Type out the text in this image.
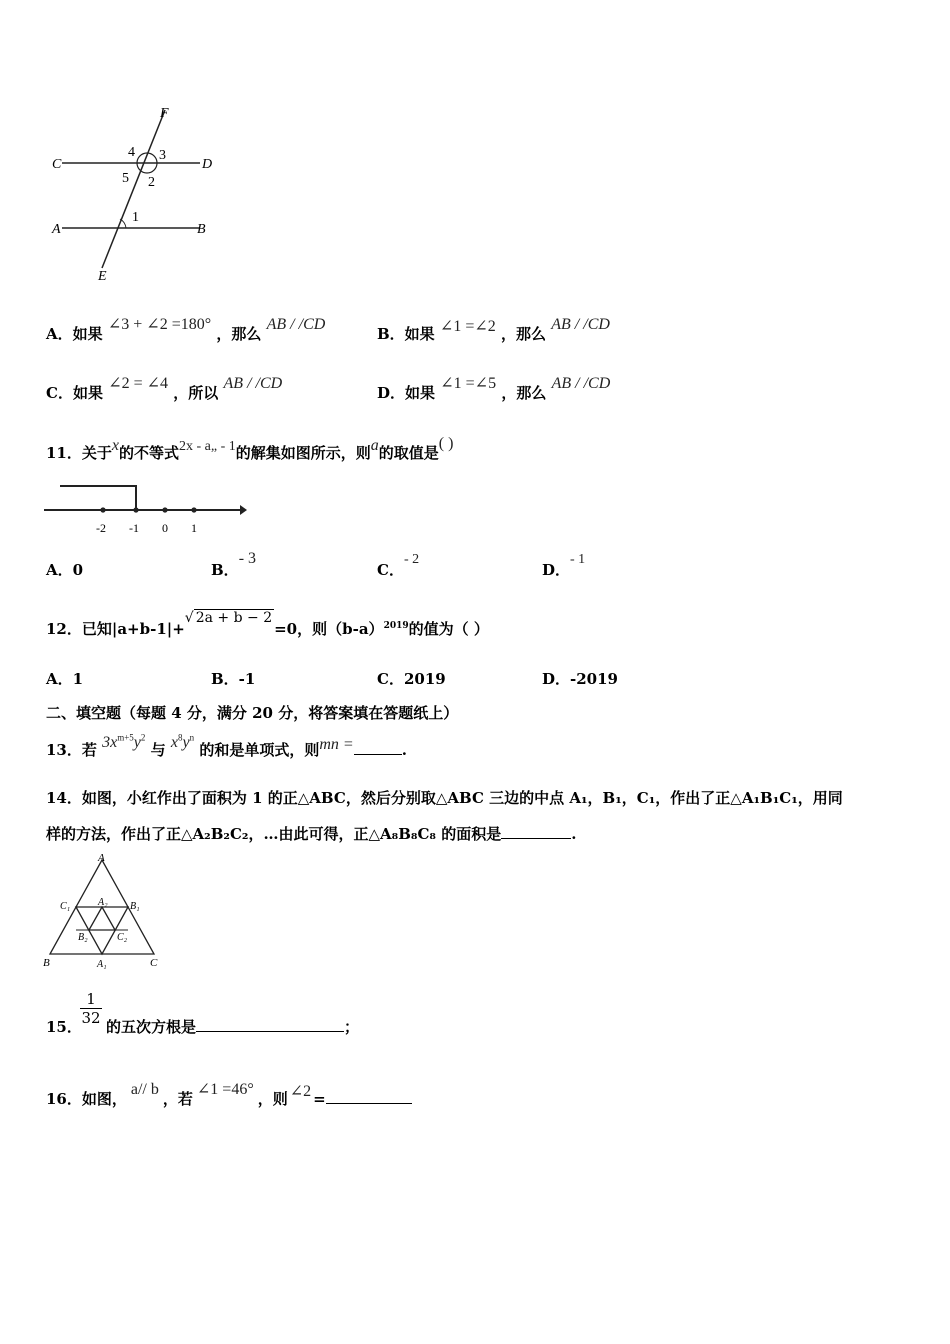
F
C	D
A	B
E
4 3
5 2
1
A．如果 ∠3 + ∠2 =180° ，那么 AB / /CD
B．如果 ∠1 =∠2 ，那么 AB / /CD
C．如果 ∠2 = ∠4 ，所以 AB / /CD
D．如果 ∠1 =∠5 ，那么 AB / /CD
11．关于x的不等式2x - a„ - 1的解集如图所示，则a的取值是( )
-2 -1 0 1
A．0	B．- 3
C．- 2
D．- 1
12．已知|a+b-1|+√ 2a + b − 2=0，则$(b-a)^{2019}$的值为（ ）
A．1	B．-1	C．2019	D．-2019
二、填空题（每题 4 分，满分 20 分，将答案填在答题纸上）
13．若 $3x^{m+5}y^2$ 与 $x^8y^n$ 的和是单项式，则mn =	.
14．如图，小红作出了面积为 1 的正△ABC，然后分别取△ABC 三边的中点 A₁，B₁，C₁，作出了正△A₁B₁C₁，用同
样的方法，作出了正△A₂B₂C₂，…由此可得，正△A₈B₈C₈ 的面积是	.
A
B	C
A₁
B₁
C₁	A₂
B₂	C₂
15．
1
32 的五次方根是	；
16．如图，a// b，若∠1 =46°，则 ∠2 =
